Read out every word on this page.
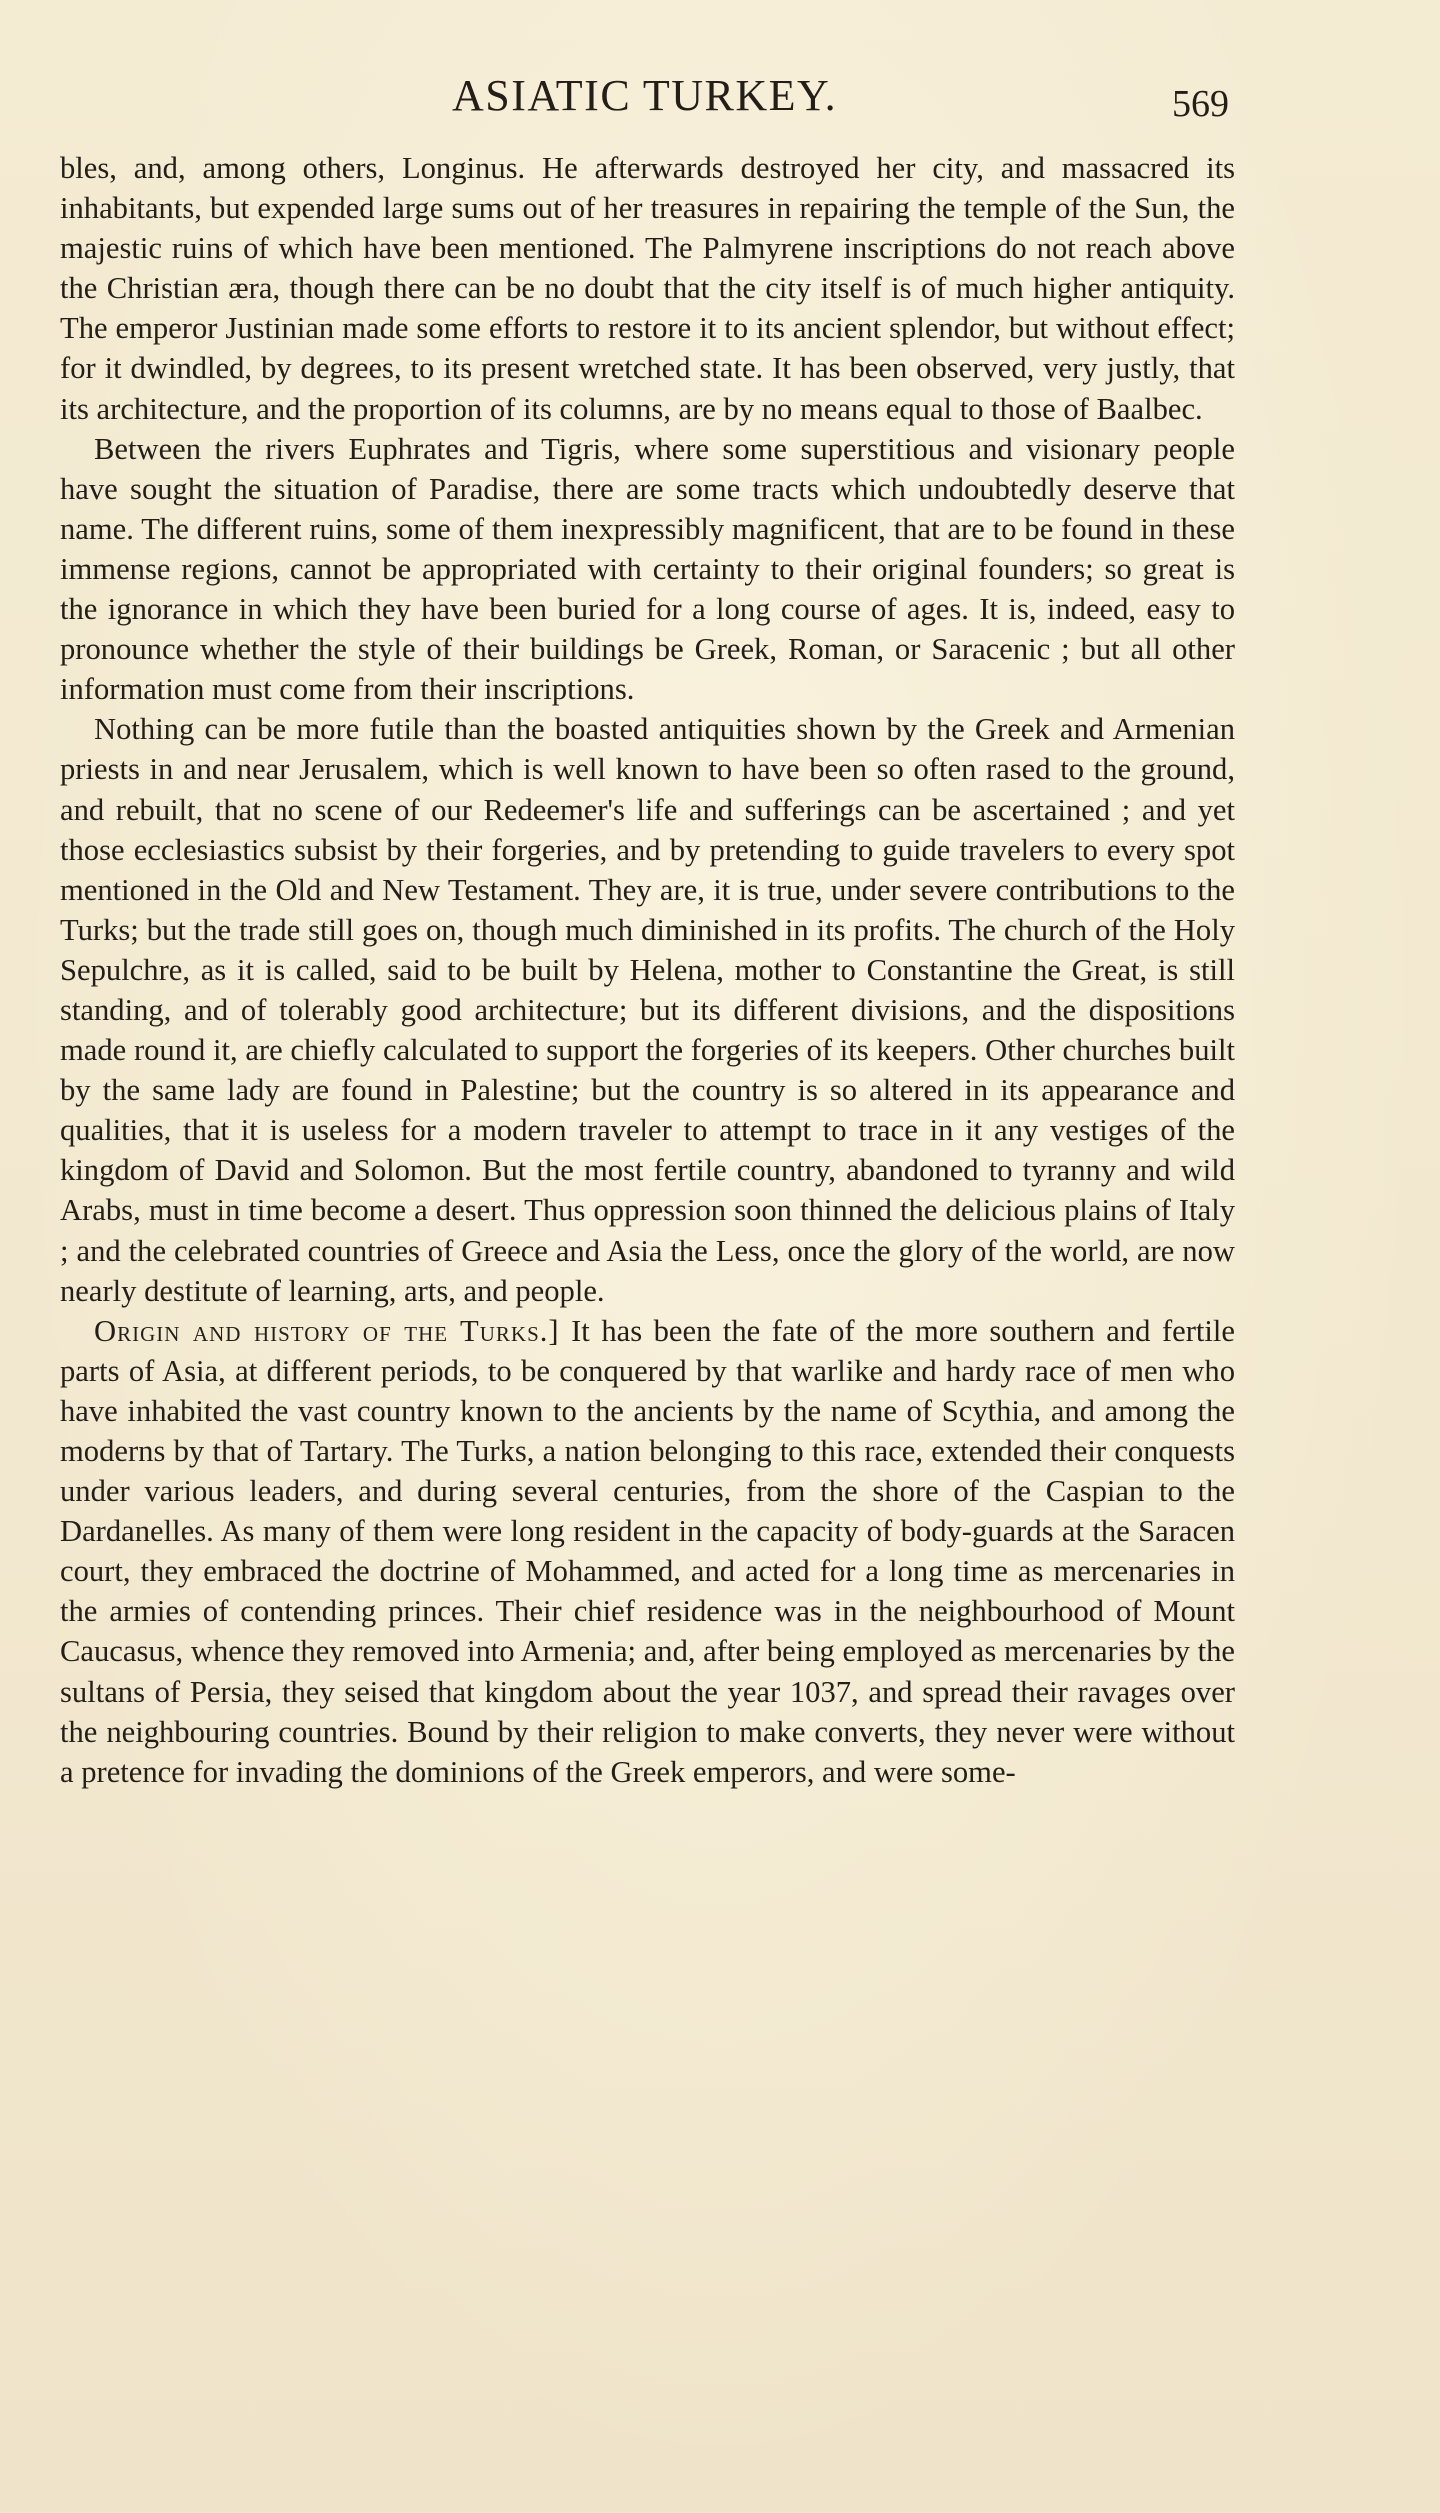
ASIATIC TURKEY.	569

bles, and, among others, Longinus. He afterwards destroyed her city, and massacred its inhabitants, but expended large sums out of her treasures in repairing the temple of the Sun, the majestic ruins of which have been mentioned. The Palmyrene inscriptions do not reach above the Christian æra, though there can be no doubt that the city itself is of much higher antiquity. The emperor Justinian made some efforts to restore it to its ancient splendor, but without effect; for it dwindled, by degrees, to its present wretched state. It has been observed, very justly, that its architecture, and the proportion of its columns, are by no means equal to those of Baalbec.

Between the rivers Euphrates and Tigris, where some superstitious and visionary people have sought the situation of Paradise, there are some tracts which undoubtedly deserve that name. The different ruins, some of them inexpressibly magnificent, that are to be found in these immense regions, cannot be appropriated with certainty to their original founders; so great is the ignorance in which they have been buried for a long course of ages. It is, indeed, easy to pronounce whether the style of their buildings be Greek, Roman, or Saracenic ; but all other information must come from their inscriptions.

Nothing can be more futile than the boasted antiquities shown by the Greek and Armenian priests in and near Jerusalem, which is well known to have been so often rased to the ground, and rebuilt, that no scene of our Redeemer's life and sufferings can be ascertained ; and yet those ecclesiastics subsist by their forgeries, and by pretending to guide travelers to every spot mentioned in the Old and New Testament. They are, it is true, under severe contributions to the Turks; but the trade still goes on, though much diminished in its profits. The church of the Holy Sepulchre, as it is called, said to be built by Helena, mother to Constantine the Great, is still standing, and of tolerably good architecture; but its different divisions, and the dispositions made round it, are chiefly calculated to support the forgeries of its keepers. Other churches built by the same lady are found in Palestine; but the country is so altered in its appearance and qualities, that it is useless for a modern traveler to attempt to trace in it any vestiges of the kingdom of David and Solomon. But the most fertile country, abandoned to tyranny and wild Arabs, must in time become a desert. Thus oppression soon thinned the delicious plains of Italy ; and the celebrated countries of Greece and Asia the Less, once the glory of the world, are now nearly destitute of learning, arts, and people.

Origin and history of the Turks.] It has been the fate of the more southern and fertile parts of Asia, at different periods, to be conquered by that warlike and hardy race of men who have inhabited the vast country known to the ancients by the name of Scythia, and among the moderns by that of Tartary. The Turks, a nation belonging to this race, extended their conquests under various leaders, and during several centuries, from the shore of the Caspian to the Dardanelles. As many of them were long resident in the capacity of body-guards at the Saracen court, they embraced the doctrine of Mohammed, and acted for a long time as mercenaries in the armies of contending princes. Their chief residence was in the neighbourhood of Mount Caucasus, whence they removed into Armenia; and, after being employed as mercenaries by the sultans of Persia, they seised that kingdom about the year 1037, and spread their ravages over the neighbouring countries. Bound by their religion to make converts, they never were without a pretence for invading the dominions of the Greek emperors, and were some-
